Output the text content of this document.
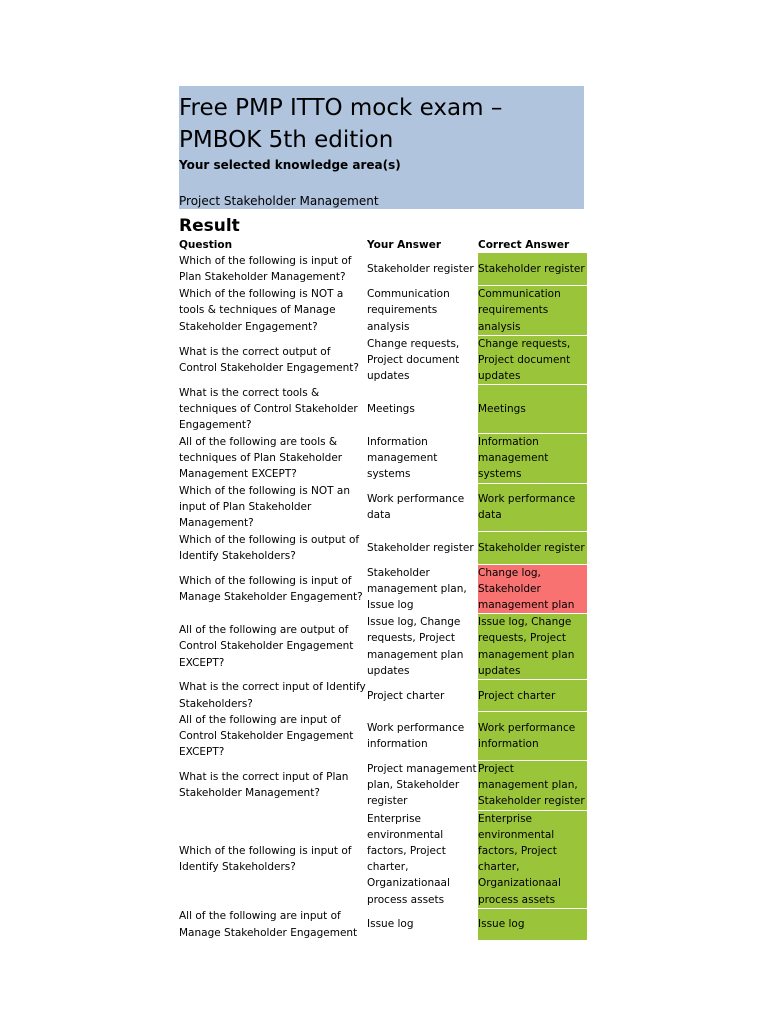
Free PMP ITTO mock exam – PMBOK 5th edition
Your selected knowledge area(s)
Project Stakeholder Management
Result
Question	Your Answer	Correct Answer
Which of the following is input of Plan Stakeholder Management?	Stakeholder register	Stakeholder register
Which of the following is NOT a tools & techniques of Manage Stakeholder Engagement?	Communication requirements analysis	Communication requirements analysis
What is the correct output of Control Stakeholder Engagement?	Change requests, Project document updates	Change requests, Project document updates
What is the correct tools & techniques of Control Stakeholder Engagement?	Meetings	Meetings
All of the following are tools & techniques of Plan Stakeholder Management EXCEPT?	Information management systems	Information management systems
Which of the following is NOT an input of Plan Stakeholder Management?	Work performance data	Work performance data
Which of the following is output of Identify Stakeholders?	Stakeholder register	Stakeholder register
Which of the following is input of Manage Stakeholder Engagement?	Stakeholder management plan, Issue log	Change log, Stakeholder management plan
All of the following are output of Control Stakeholder Engagement EXCEPT?	Issue log, Change requests, Project management plan updates	Issue log, Change requests, Project management plan updates
What is the correct input of Identify Stakeholders?	Project charter	Project charter
All of the following are input of Control Stakeholder Engagement EXCEPT?	Work performance information	Work performance information
What is the correct input of Plan Stakeholder Management?	Project management plan, Stakeholder register	Project management plan, Stakeholder register
Which of the following is input of Identify Stakeholders?	Enterprise environmental factors, Project charter, Organizationaal process assets	Enterprise environmental factors, Project charter, Organizationaal process assets
All of the following are input of Manage Stakeholder Engagement	Issue log	Issue log
